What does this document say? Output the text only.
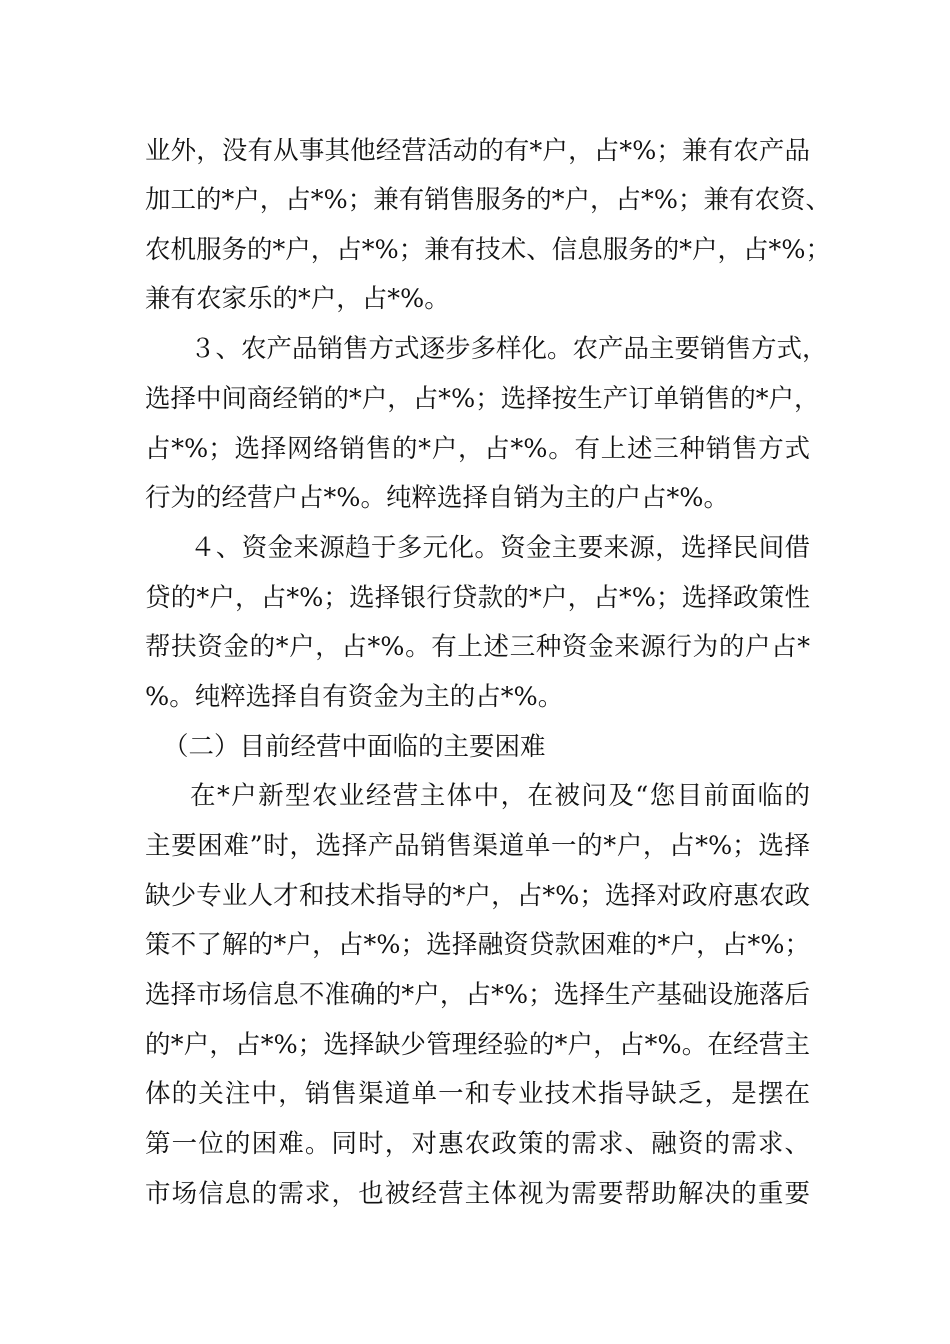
业外，没有从事其他经营活动的有*户，占*%；兼有农产品
加工的*户，占*%；兼有销售服务的*户，占*%；兼有农资、
农机服务的*户，占*%；兼有技术、信息服务的*户，占*%；
兼有农家乐的*户，占*%。
３、农产品销售方式逐步多样化。农产品主要销售方式，
选择中间商经销的*户，占*%；选择按生产订单销售的*户，
占*%；选择网络销售的*户，占*%。有上述三种销售方式
行为的经营户占*%。纯粹选择自销为主的户占*%。
４、资金来源趋于多元化。资金主要来源，选择民间借
贷的*户，占*%；选择银行贷款的*户，占*%；选择政策性
帮扶资金的*户，占*%。有上述三种资金来源行为的户占*
%。纯粹选择自有资金为主的占*%。
（二）目前经营中面临的主要困难
在*户新型农业经营主体中，在被问及“您目前面临的
主要困难”时，选择产品销售渠道单一的*户，占*%；选择
缺少专业人才和技术指导的*户，占*%；选择对政府惠农政
策不了解的*户，占*%；选择融资贷款困难的*户，占*%；
选择市场信息不准确的*户，占*%；选择生产基础设施落后
的*户，占*%；选择缺少管理经验的*户，占*%。在经营主
体的关注中，销售渠道单一和专业技术指导缺乏，是摆在
第一位的困难。同时，对惠农政策的需求、融资的需求、
市场信息的需求，也被经营主体视为需要帮助解决的重要
